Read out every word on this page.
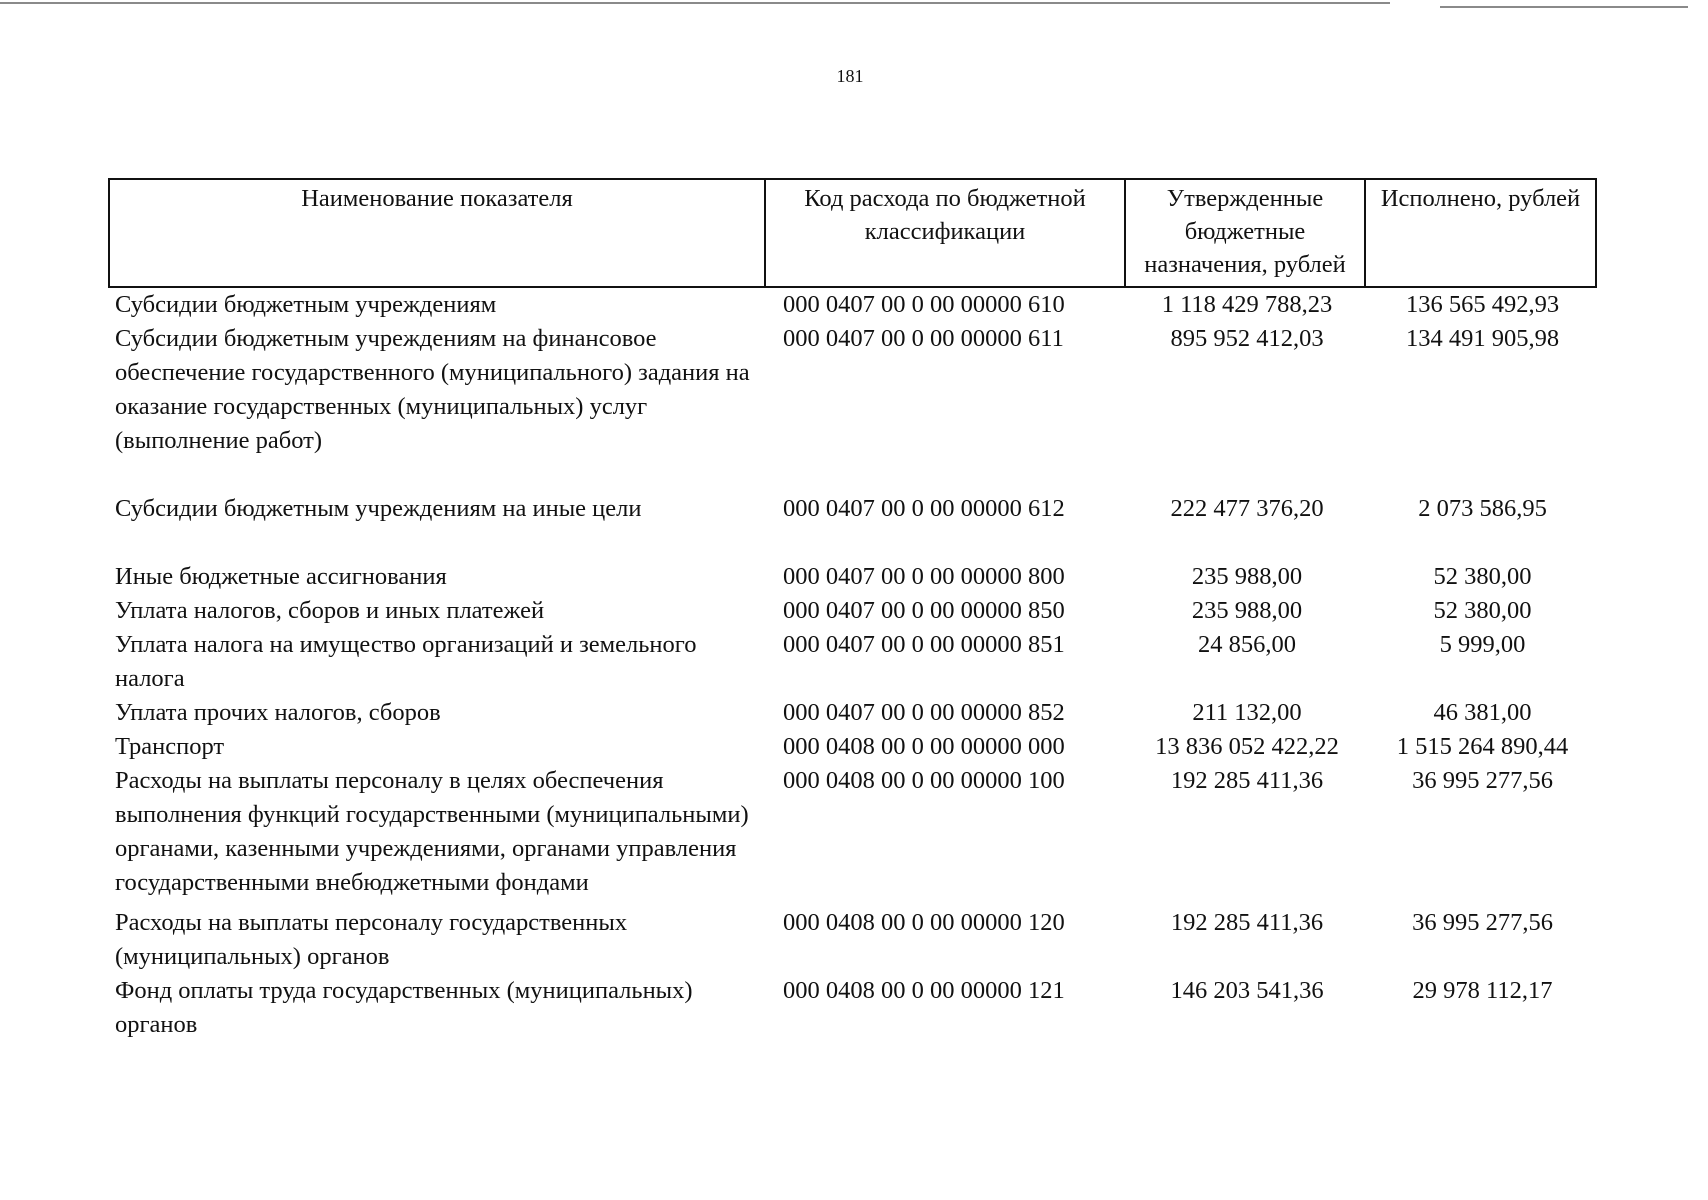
181
Наименование показателя	Код расхода по бюджетной классификации	Утвержденные бюджетные назначения, рублей	Исполнено, рублей
Субсидии бюджетным учреждениям	000 0407 00 0 00 00000 610	1 118 429 788,23	136 565 492,93
Субсидии бюджетным учреждениям на финансовое обеспечение государственного (муниципального) задания на оказание государственных (муниципальных) услуг (выполнение работ)	000 0407 00 0 00 00000 611	895 952 412,03	134 491 905,98
Субсидии бюджетным учреждениям на иные цели	000 0407 00 0 00 00000 612	222 477 376,20	2 073 586,95
Иные бюджетные ассигнования	000 0407 00 0 00 00000 800	235 988,00	52 380,00
Уплата налогов, сборов и иных платежей	000 0407 00 0 00 00000 850	235 988,00	52 380,00
Уплата налога на имущество организаций и земельного налога	000 0407 00 0 00 00000 851	24 856,00	5 999,00
Уплата прочих налогов, сборов	000 0407 00 0 00 00000 852	211 132,00	46 381,00
Транспорт	000 0408 00 0 00 00000 000	13 836 052 422,22	1 515 264 890,44
Расходы на выплаты персоналу в целях обеспечения выполнения функций государственными (муниципальными) органами, казенными учреждениями, органами управления государственными внебюджетными фондами	000 0408 00 0 00 00000 100	192 285 411,36	36 995 277,56
Расходы на выплаты персоналу государственных (муниципальных) органов	000 0408 00 0 00 00000 120	192 285 411,36	36 995 277,56
Фонд оплаты труда государственных (муниципальных) органов	000 0408 00 0 00 00000 121	146 203 541,36	29 978 112,17
